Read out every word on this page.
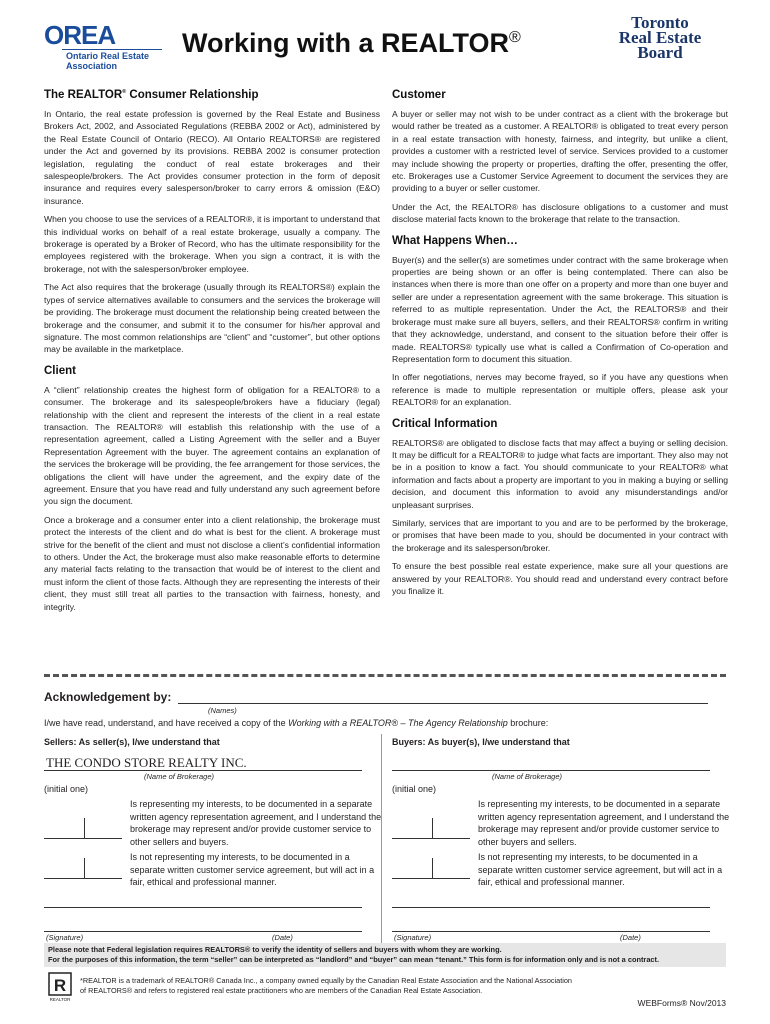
OREA
Ontario Real Estate
Association
Working with a REALTOR®
Toronto
Real Estate
Board
The REALTOR® Consumer Relationship

In Ontario, the real estate profession is governed by the Real Estate and Business Brokers Act, 2002, and Associated Regulations (REBBA 2002 or Act), administered by the Real Estate Council of Ontario (RECO). All Ontario REALTORS® are registered under the Act and governed by its provisions. REBBA 2002 is consumer protection legislation, regulating the conduct of real estate brokerages and their salespeople/brokers. The Act provides consumer protection in the form of deposit insurance and requires every salesperson/broker to carry errors & omission (E&O) insurance.

When you choose to use the services of a REALTOR®, it is important to understand that this individual works on behalf of a real estate brokerage, usually a company. The brokerage is operated by a Broker of Record, who has the ultimate responsibility for the employees registered with the brokerage. When you sign a contract, it is with the brokerage, not with the salesperson/broker employee.

The Act also requires that the brokerage (usually through its REALTORS®) explain the types of service alternatives available to consumers and the services the brokerage will be providing. The brokerage must document the relationship being created between the brokerage and the consumer, and submit it to the consumer for his/her approval and signature. The most common relationships are “client” and “customer”, but other options may be available in the marketplace.

Client

A “client” relationship creates the highest form of obligation for a REALTOR® to a consumer. The brokerage and its salespeople/brokers have a fiduciary (legal) relationship with the client and represent the interests of the client in a real estate transaction. The REALTOR® will establish this relationship with the use of a representation agreement, called a Listing Agreement with the seller and a Buyer Representation Agreement with the buyer. The agreement contains an explanation of the services the brokerage will be providing, the fee arrangement for those services, the obligations the client will have under the agreement, and the expiry date of the agreement. Ensure that you have read and fully understand any such agreement before you sign the document.

Once a brokerage and a consumer enter into a client relationship, the brokerage must protect the interests of the client and do what is best for the client. A brokerage must strive for the benefit of the client and must not disclose a client’s confidential information to others. Under the Act, the brokerage must also make reasonable efforts to determine any material facts relating to the transaction that would be of interest to the client and must inform the client of those facts. Although they are representing the interests of their client, they must still treat all parties to the transaction with fairness, honesty, and integrity.

Customer

A buyer or seller may not wish to be under contract as a client with the brokerage but would rather be treated as a customer. A REALTOR® is obligated to treat every person in a real estate transaction with honesty, fairness, and integrity, but unlike a client, provides a customer with a restricted level of service. Services provided to a customer may include showing the property or properties, drafting the offer, presenting the offer, etc. Brokerages use a Customer Service Agreement to document the services they are providing to a buyer or seller customer.

Under the Act, the REALTOR® has disclosure obligations to a customer and must disclose material facts known to the brokerage that relate to the transaction.

What Happens When…

Buyer(s) and the seller(s) are sometimes under contract with the same brokerage when properties are being shown or an offer is being contemplated. There can also be instances when there is more than one offer on a property and more than one buyer and seller are under a representation agreement with the same brokerage. This situation is referred to as multiple representation. Under the Act, the REALTORS® and their brokerage must make sure all buyers, sellers, and their REALTORS® confirm in writing that they acknowledge, understand, and consent to the situation before their offer is made. REALTORS® typically use what is called a Confirmation of Co-operation and Representation form to document this situation.

In offer negotiations, nerves may become frayed, so if you have any questions when reference is made to multiple representation or multiple offers, please ask your REALTOR® for an explanation.

Critical Information

REALTORS® are obligated to disclose facts that may affect a buying or selling decision. It may be difficult for a REALTOR® to judge what facts are important. They also may not be in a position to know a fact. You should communicate to your REALTOR® what information and facts about a property are important to you in making a buying or selling decision, and document this information to avoid any misunderstandings and/or unpleasant surprises.

Similarly, services that are important to you and are to be performed by the brokerage, or promises that have been made to you, should be documented in your contract with the brokerage and its salesperson/broker.

To ensure the best possible real estate experience, make sure all your questions are answered by your REALTOR®. You should read and understand every contract before you finalize it.

Acknowledgement by:
(Names)
I/we have read, understand, and have received a copy of the Working with a REALTOR® – The Agency Relationship brochure:
Sellers: As seller(s), I/we understand that	Buyers: As buyer(s), I/we understand that
THE CONDO STORE REALTY INC.
(Name of Brokerage)	(Name of Brokerage)
(initial one)	(initial one)
Is representing my interests, to be documented in a separate written agency representation agreement, and I understand the brokerage may represent and/or provide customer service to other sellers and buyers.
Is not representing my interests, to be documented in a separate written customer service agreement, but will act in a fair, ethical and professional manner.
Is representing my interests, to be documented in a separate written agency representation agreement, and I understand the brokerage may represent and/or provide customer service to other buyers and sellers.
Is not representing my interests, to be documented in a separate written customer service agreement, but will act in a fair, ethical and professional manner.
(Signature)	(Date)	(Signature)	(Date)
Please note that Federal legislation requires REALTORS® to verify the identity of sellers and buyers with whom they are working.
For the purposes of this information, the term “seller” can be interpreted as “landlord” and “buyer” can mean “tenant.” This form is for information only and is not a contract.
R
REALTOR
*REALTOR is a trademark of REALTOR® Canada Inc., a company owned equally by the Canadian Real Estate Association and the National Association
of REALTORS® and refers to registered real estate practitioners who are members of the Canadian Real Estate Association.
WEBForms® Nov/2013
